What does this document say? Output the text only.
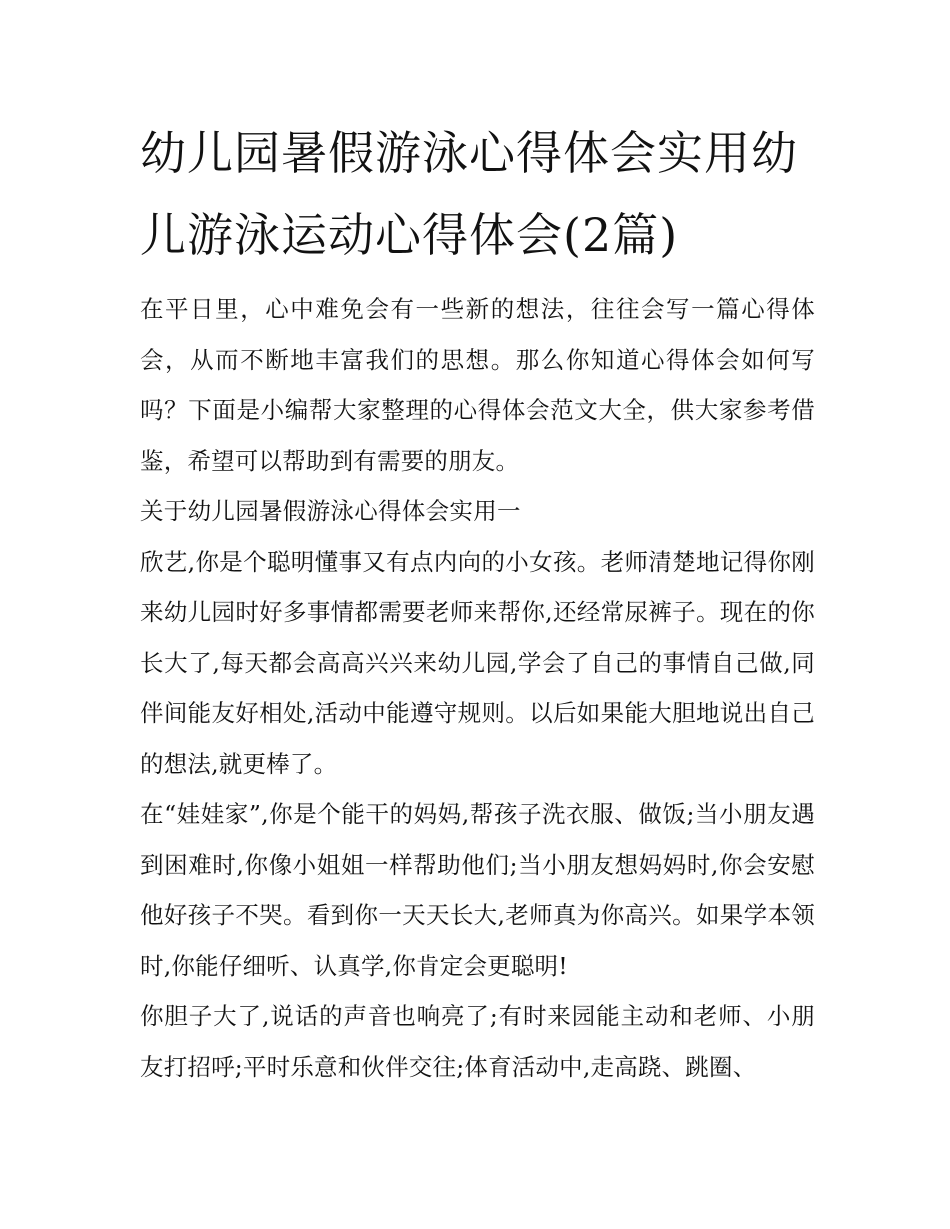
幼儿园暑假游泳心得体会实用幼儿游泳运动心得体会(2篇)

在平日里，心中难免会有一些新的想法，往往会写一篇心得体会，从而不断地丰富我们的思想。那么你知道心得体会如何写吗？下面是小编帮大家整理的心得体会范文大全，供大家参考借鉴，希望可以帮助到有需要的朋友。

关于幼儿园暑假游泳心得体会实用一

欣艺,你是个聪明懂事又有点内向的小女孩。老师清楚地记得你刚来幼儿园时好多事情都需要老师来帮你,还经常尿裤子。现在的你长大了,每天都会高高兴兴来幼儿园,学会了自己的事情自己做,同伴间能友好相处,活动中能遵守规则。以后如果能大胆地说出自己的想法,就更棒了。

在“娃娃家”,你是个能干的妈妈,帮孩子洗衣服、做饭;当小朋友遇到困难时,你像小姐姐一样帮助他们;当小朋友想妈妈时,你会安慰他好孩子不哭。看到你一天天长大,老师真为你高兴。如果学本领时,你能仔细听、认真学,你肯定会更聪明!

你胆子大了,说话的声音也响亮了;有时来园能主动和老师、小朋友打招呼;平时乐意和伙伴交往;体育活动中,走高跷、跳圈、
